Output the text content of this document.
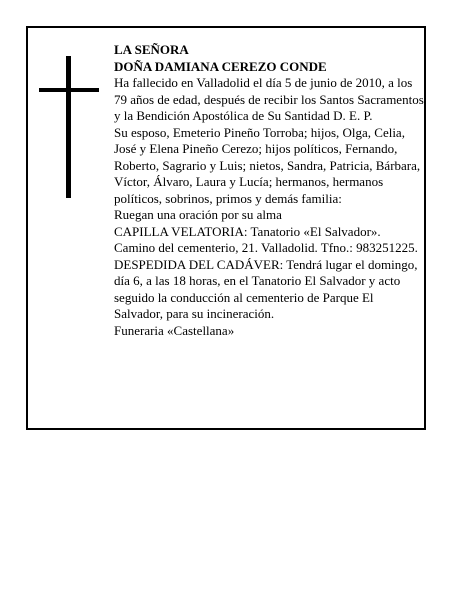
LA SEÑORA

DOÑA DAMIANA CEREZO CONDE

Ha fallecido en Valladolid el día 5 de junio de 2010, a los 79 años de edad, después de recibir los Santos Sacramentos y la Bendición Apostólica de Su Santidad D. E. P.

Su esposo, Emeterio Pineño Torroba; hijos, Olga, Celia, José y Elena Pineño Cerezo; hijos políticos, Fernando, Roberto, Sagrario y Luis; nietos, Sandra, Patricia, Bárbara, Víctor, Álvaro, Laura y Lucía; hermanos, hermanos políticos, sobrinos, primos y demás familia:

Ruegan una oración por su alma

CAPILLA VELATORIA: Tanatorio «El Salvador». Camino del cementerio, 21. Valladolid. Tfno.: 983251225.

DESPEDIDA DEL CADÁVER: Tendrá lugar el domingo, día 6, a las 18 horas, en el Tanatorio El Salvador y acto seguido la conducción al cementerio de Parque El Salvador, para su incineración.

Funeraria «Castellana»
